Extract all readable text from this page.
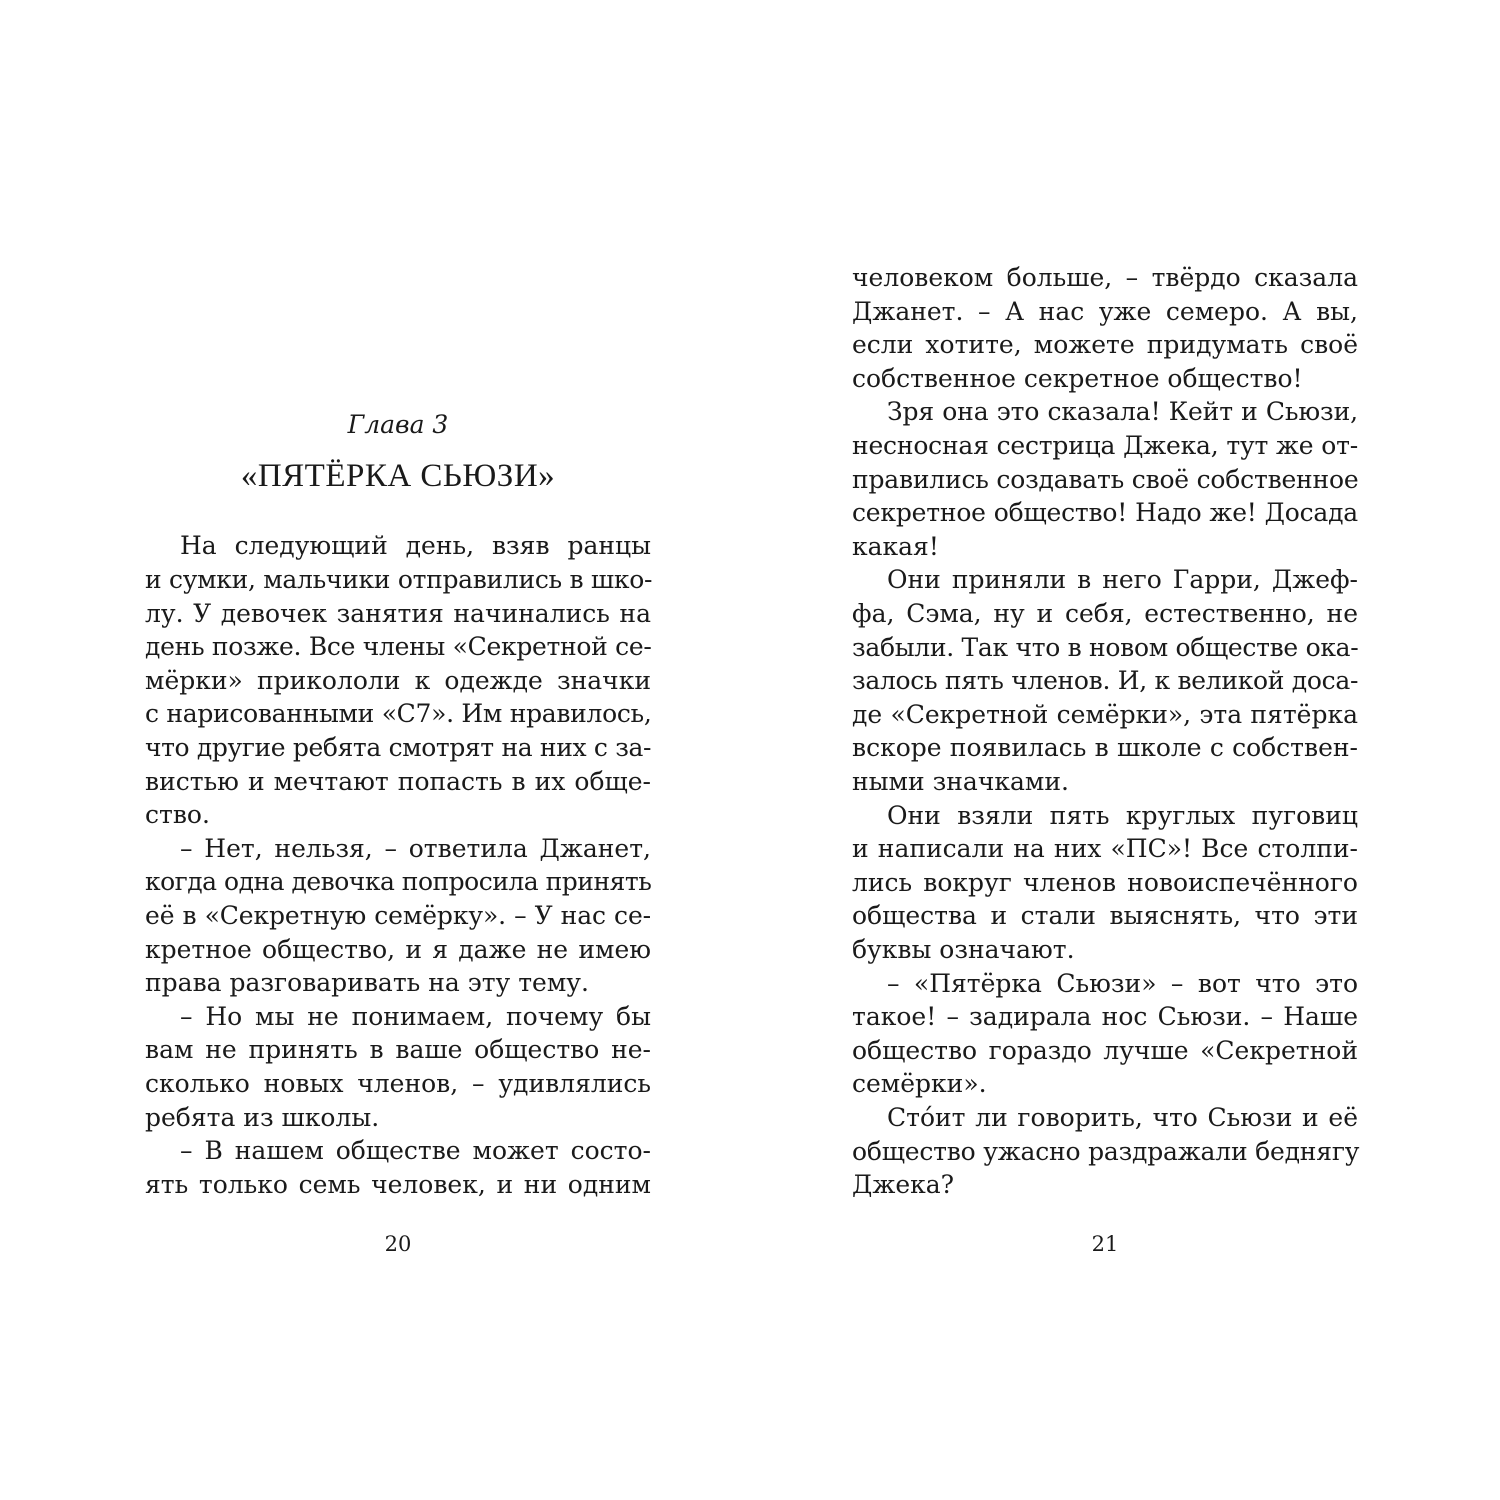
Глава 3
«ПЯТЁРКА СЬЮЗИ»

На следующий день, взяв ранцы

и сумки, мальчики отправились в шко-

лу. У девочек занятия начинались на

день позже. Все члены «Секретной се-

мёрки» прикололи к одежде значки

с нарисованными «С7». Им нравилось,

что другие ребята смотрят на них с за-

вистью и мечтают попасть в их обще-

ство.

– Нет, нельзя, – ответила Джанет,

когда одна девочка попросила принять

её в «Секретную семёрку». – У нас се-

кретное общество, и я даже не имею

права разговаривать на эту тему.

– Но мы не понимаем, почему бы

вам не принять в ваше общество не-

сколько новых членов, – удивлялись

ребята из школы.

– В нашем обществе может состо-

ять только семь человек, и ни одним

20

человеком больше, – твёрдо сказала

Джанет. – А нас уже семеро. А вы,

если хотите, можете придумать своё

собственное секретное общество!

Зря она это сказала! Кейт и Сьюзи,

несносная сестрица Джека, тут же от-

правились создавать своё собственное

секретное общество! Надо же! Досада

какая!

Они приняли в него Гарри, Джеф-

фа, Сэма, ну и себя, естественно, не

забыли. Так что в новом обществе ока-

залось пять членов. И, к великой доса-

де «Секретной семёрки», эта пятёрка

вскоре появилась в школе с собствен-

ными значками.

Они взяли пять круглых пуговиц

и написали на них «ПС»! Все столпи-

лись вокруг членов новоиспечённого

общества и стали выяснять, что эти

буквы означают.

– «Пятёрка Сьюзи» – вот что это

такое! – задирала нос Сьюзи. – Наше

общество гораздо лучше «Секретной

семёрки».

Сто́ит ли говорить, что Сьюзи и её

общество ужасно раздражали беднягу

Джека?

21
